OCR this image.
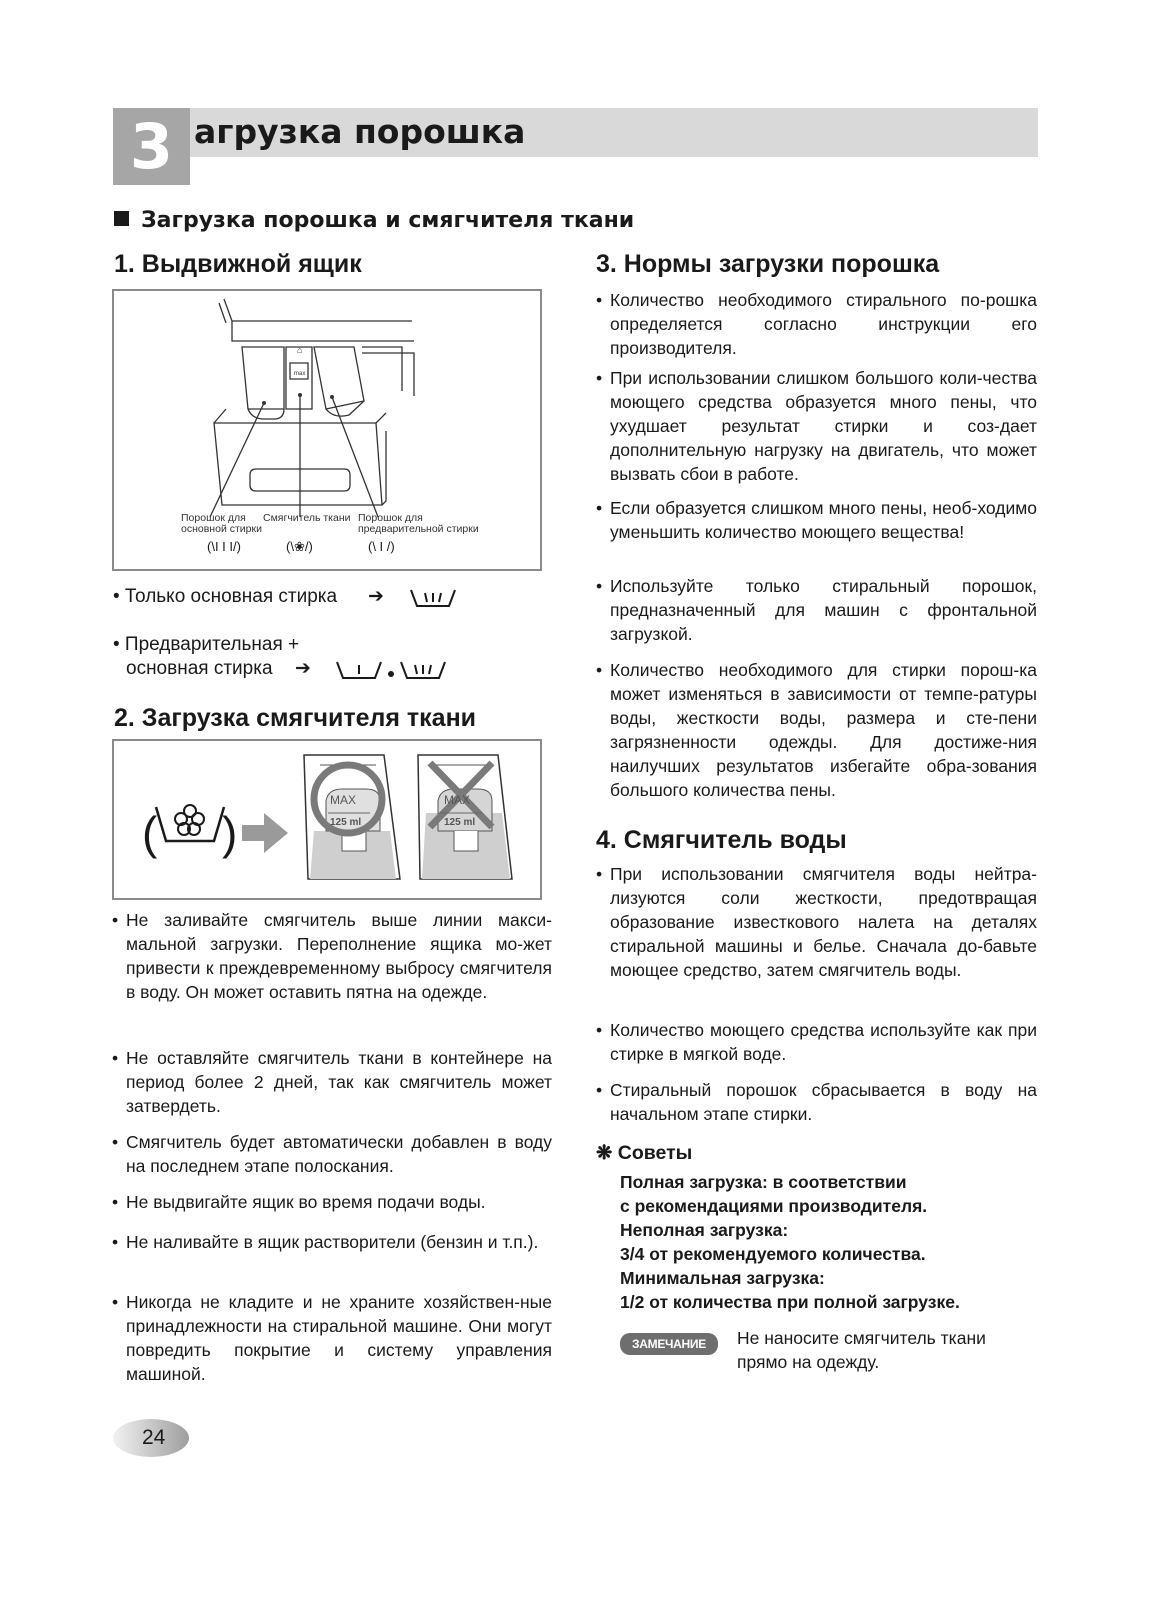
3 агрузка порошка
Загрузка порошка и смягчителя ткани
1. Выдвижной ящик
⌂
max
Порошок для
основной стирки
Смягчитель ткани Порошок для
предварительной стирки
(\I I I/)	(\❀/)	(\ I /)
• Только основная стирка ➔
• Предварительная +
основная стирка ➔
2. Загрузка смягчителя ткани
( )
MAX
125 ml
MAX
125 ml
• Не заливайте смягчитель выше линии макси-мальной загрузки. Переполнение ящика мо-жет привести к преждевременному выбросу смягчителя в воду. Он может оставить пятна на одежде.
• Не оставляйте смягчитель ткани в контейнере на период более 2 дней, так как смягчитель может затвердеть.
• Смягчитель будет автоматически добавлен в воду на последнем этапе полоскания.
• Не выдвигайте ящик во время подачи воды.
• Не наливайте в ящик растворители (бензин и т.п.).
• Никогда не кладите и не храните хозяйствен-ные принадлежности на стиральной машине. Они могут повредить покрытие и систему управления машиной.
3. Нормы загрузки порошка
• Количество необходимого стирального по-рошка определяется согласно инструкции его производителя.
• При использовании слишком большого коли-чества моющего средства образуется много пены, что ухудшает результат стирки и соз-дает дополнительную нагрузку на двигатель, что может вызвать сбои в работе.
• Если образуется слишком много пены, необ-ходимо уменьшить количество моющего вещества!
• Используйте только стиральный порошок, предназначенный для машин с фронтальной загрузкой.
• Количество необходимого для стирки порош-ка может изменяться в зависимости от темпе-ратуры воды, жесткости воды, размера и сте-пени загрязненности одежды. Для достиже-ния наилучших результатов избегайте обра-зования большого количества пены.
4. Смягчитель воды
• При использовании смягчителя воды нейтра-лизуются соли жесткости, предотвращая образование известкового налета на деталях стиральной машины и белье. Сначала до-бавьте моющее средство, затем смягчитель воды.
• Количество моющего средства используйте как при стирке в мягкой воде.
• Стиральный порошок сбрасывается в воду на начальном этапе стирки.
❋ Советы
Полная загрузка: в соответствии
с рекомендациями производителя.
Неполная загрузка:
3/4 от рекомендуемого количества.
Минимальная загрузка:
1/2 от количества при полной загрузке.
ЗАМЕЧАНИЕ	Не наносите смягчитель ткани прямо на одежду.
24
